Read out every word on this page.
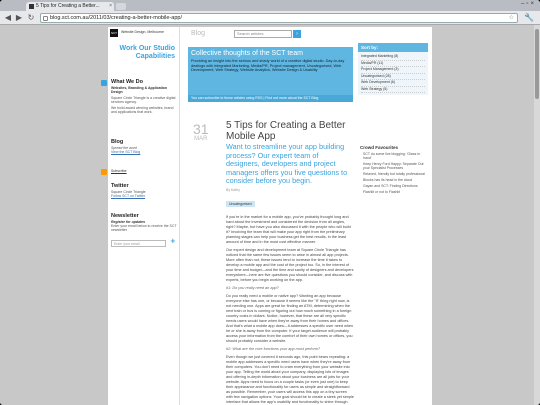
5 Tips for Creating a Better... ×	–▫×
◀ ▶ ↻	blog.sct.com.au/2011/03/creating-a-better-mobile-app/	☆ 🔧
SCT Website Design, Melbourne
Work Our Studio Capabilities
What We Do

Websites, Branding & Application Design

Square Circle Triangle is a creative digital services agency.

We build award winning websites, brand and applications that work.

Blog

Spread the word

View the SCT Blog

Subscribe

Twitter

Square Circle Triangle

Follow SCT on Twitter

Newsletter

Register for updates

Enter your email below to receive the SCT newsletter

Enter your email	+
Blog	Search articles	›
Collective thoughts of the SCT team

Providing an insight into the serious and shady world of a creative digital studio. Day-to-day dealings with Integrated Marketing, Media/PR, Project management, Uncategorised, Web Development, Web Strategy, Website Analytics, Website Design & Usability

You can subscribe to these articles using RSS | Find out more about the SCT Blog
31
MAR
5 Tips for Creating a Better Mobile App
Want to streamline your app building process? Our expert team of designers, developers and project managers offers you five questions to consider before you begin.
By Kathy
Uncategorised

If you're in the market for a mobile app, you've probably thought long and hard about the investment and considered the decision from all angles, right? Maybe, but have you also discussed it with the people who will build it? Involving the team that will make your app right from the preliminary planning stages can help your business get the best results, in the least amount of time and in the most cost effective manner.

Our expert design and development team at Square Circle Triangle has noticed that the same few issues seem to arise in almost all app projects. More often than not, these issues tend to increase the time it takes to develop a mobile app and the cost of the project too. So, in the interest of your time and budget—and the time and sanity of designers and developers everywhere—here are five questions you should consider, and discuss with experts, before you begin working on the app.

#1: Do you really need an app?

Do you really need a mobile or native app? Wanting an app because everyone else has one, or because it seems like the "it" thing right now, is not needing one. Apps are great for finding an ATM, determining when the next train or bus is coming or figuring out how much something in a foreign country costs in dollars. Notice, however, that these are all very specific needs users would have when they're away from their homes and offices. And that's what a mobile app does—it addresses a specific user need when he or she is away from the computer. If your target audience will probably access your information from the comfort of their own homes or offices, you should probably consider a website.

#2: What are the core functions your app must perform?

Even though we just covered it seconds ago, this point bears repeating: a mobile app addresses a specific need users have when they're away from their computers. You don't need to cram everything from your website into your app. Telling the world about your company, displaying lots of images and offering in-depth information about your business are all jobs for your website. Apps need to focus on a couple tasks (or even just one) to keep their appearance and functionality for users as simple and straightforward as possible. Remember, your users will access this app on a tiny screen with few navigation options. Your goal should be to create a sleek yet simple interface that allows the app's usability and functionality to shine through.

Sort by:
Integrated Marketing (8)
Media/PR (11)
Project Management (3)
Uncategorised (28)
Web Development (6)
Web Strategy (5)
Crowd Favourites
SCT do some live blogging: 'Glass in hand'
Keep Henry Ford Happy: Separate Out your Specialist Processes
Relaxed, friendly but totally professional
Blooks has its head in the cloud
Gayan and SCT: Finding Directions
Flashlit or not to Flashlit
